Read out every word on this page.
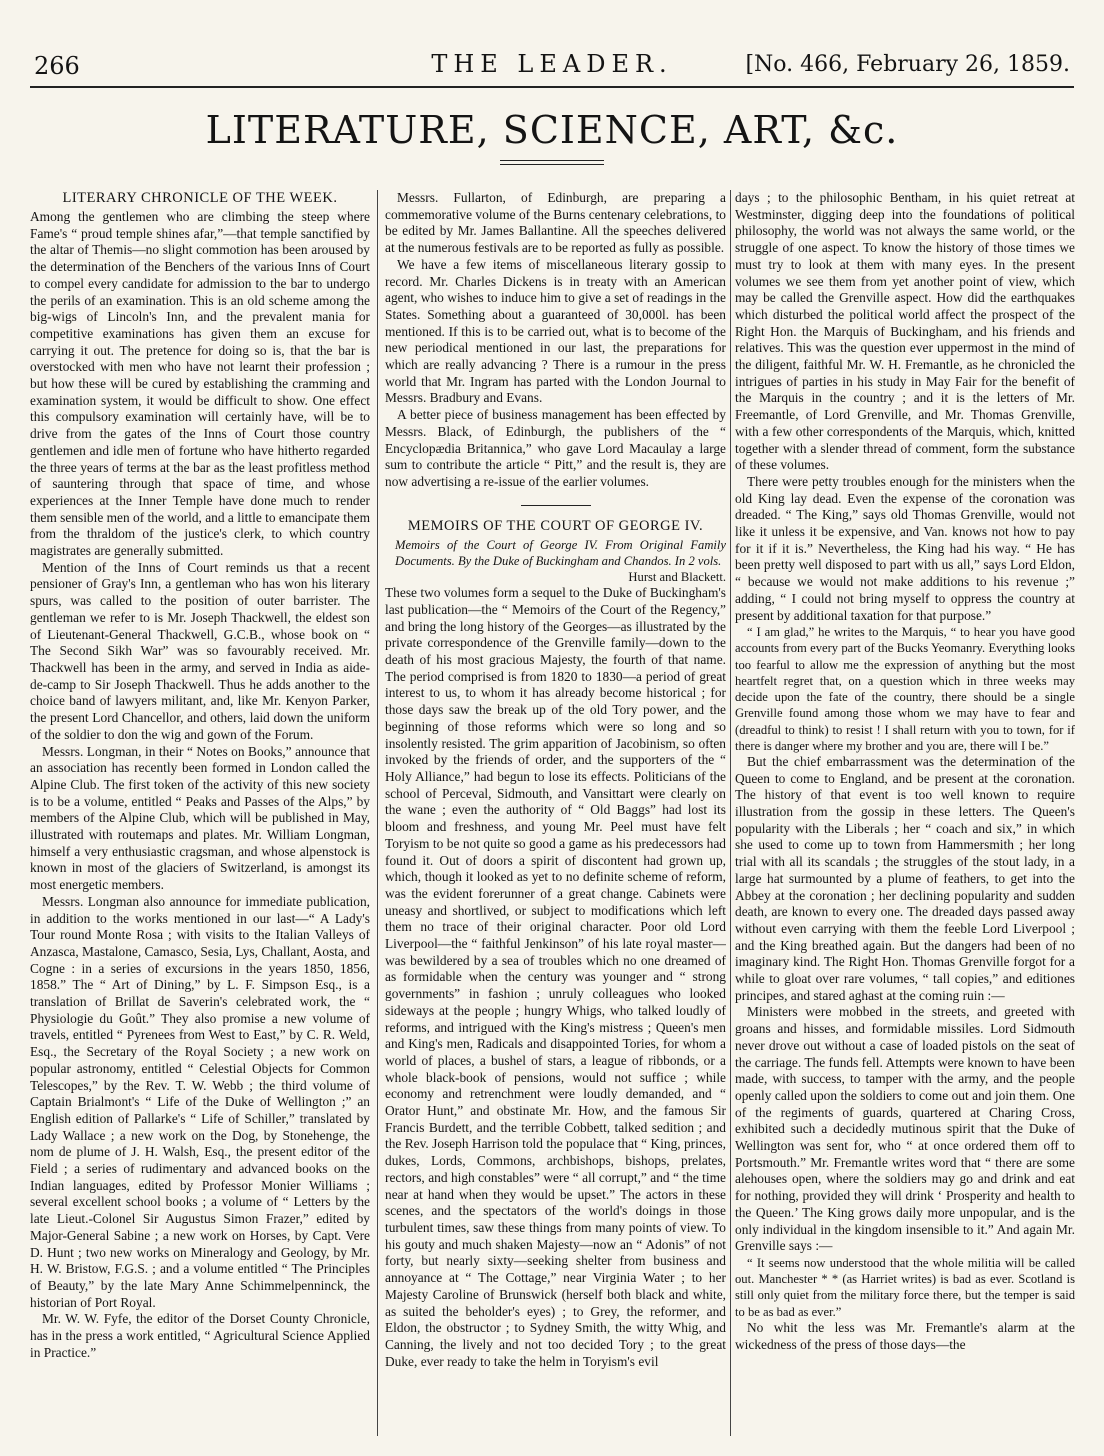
266	THE LEADER.	[No. 466, February 26, 1859.
LITERATURE, SCIENCE, ART, &c.
LITERARY CHRONICLE OF THE WEEK.

Among the gentlemen who are climbing the steep where Fame's “ proud temple shines afar,”—that temple sanctified by the altar of Themis—no slight commotion has been aroused by the determination of the Benchers of the various Inns of Court to compel every candidate for admission to the bar to undergo the perils of an examination. This is an old scheme among the big-wigs of Lincoln's Inn, and the prevalent mania for competitive examinations has given them an excuse for carrying it out. The pretence for doing so is, that the bar is overstocked with men who have not learnt their profession ; but how these will be cured by establishing the cramming and examination system, it would be difficult to show. One effect this compulsory examination will certainly have, will be to drive from the gates of the Inns of Court those country gentlemen and idle men of fortune who have hitherto regarded the three years of terms at the bar as the least profitless method of sauntering through that space of time, and whose experiences at the Inner Temple have done much to render them sensible men of the world, and a little to emancipate them from the thraldom of the justice's clerk, to which country magistrates are generally submitted.

Mention of the Inns of Court reminds us that a recent pensioner of Gray's Inn, a gentleman who has won his literary spurs, was called to the position of outer barrister. The gentleman we refer to is Mr. Joseph Thackwell, the eldest son of Lieutenant-General Thackwell, G.C.B., whose book on “ The Second Sikh War” was so favourably received. Mr. Thackwell has been in the army, and served in India as aide-de-camp to Sir Joseph Thackwell. Thus he adds another to the choice band of lawyers militant, and, like Mr. Kenyon Parker, the present Lord Chancellor, and others, laid down the uniform of the soldier to don the wig and gown of the Forum.

Messrs. Longman, in their “ Notes on Books,” announce that an association has recently been formed in London called the Alpine Club. The first token of the activity of this new society is to be a volume, entitled “ Peaks and Passes of the Alps,” by members of the Alpine Club, which will be published in May, illustrated with routemaps and plates. Mr. William Longman, himself a very enthusiastic cragsman, and whose alpenstock is known in most of the glaciers of Switzerland, is amongst its most energetic members.

Messrs. Longman also announce for immediate publication, in addition to the works mentioned in our last—“ A Lady's Tour round Monte Rosa ; with visits to the Italian Valleys of Anzasca, Mastalone, Camasco, Sesia, Lys, Challant, Aosta, and Cogne : in a series of excursions in the years 1850, 1856, 1858.” The “ Art of Dining,” by L. F. Simpson Esq., is a translation of Brillat de Saverin's celebrated work, the “ Physiologie du Goût.” They also promise a new volume of travels, entitled “ Pyrenees from West to East,” by C. R. Weld, Esq., the Secretary of the Royal Society ; a new work on popular astronomy, entitled “ Celestial Objects for Common Telescopes,” by the Rev. T. W. Webb ; the third volume of Captain Brialmont's “ Life of the Duke of Wellington ;” an English edition of Pallarke's “ Life of Schiller,” translated by Lady Wallace ; a new work on the Dog, by Stonehenge, the nom de plume of J. H. Walsh, Esq., the present editor of the Field ; a series of rudimentary and advanced books on the Indian languages, edited by Professor Monier Williams ; several excellent school books ; a volume of “ Letters by the late Lieut.-Colonel Sir Augustus Simon Frazer,” edited by Major-General Sabine ; a new work on Horses, by Capt. Vere D. Hunt ; two new works on Mineralogy and Geology, by Mr. H. W. Bristow, F.G.S. ; and a volume entitled “ The Principles of Beauty,” by the late Mary Anne Schimmelpenninck, the historian of Port Royal.

Mr. W. W. Fyfe, the editor of the Dorset County Chronicle, has in the press a work entitled, “ Agricultural Science Applied in Practice.”

Messrs. Fullarton, of Edinburgh, are preparing a commemorative volume of the Burns centenary celebrations, to be edited by Mr. James Ballantine. All the speeches delivered at the numerous festivals are to be reported as fully as possible.

We have a few items of miscellaneous literary gossip to record. Mr. Charles Dickens is in treaty with an American agent, who wishes to induce him to give a set of readings in the States. Something about a guaranteed of 30,000l. has been mentioned. If this is to be carried out, what is to become of the new periodical mentioned in our last, the preparations for which are really advancing ? There is a rumour in the press world that Mr. Ingram has parted with the London Journal to Messrs. Bradbury and Evans.

A better piece of business management has been effected by Messrs. Black, of Edinburgh, the publishers of the “ Encyclopædia Britannica,” who gave Lord Macaulay a large sum to contribute the article “ Pitt,” and the result is, they are now advertising a re-issue of the earlier volumes.

MEMOIRS OF THE COURT OF GEORGE IV.

Memoirs of the Court of George IV. From Original Family Documents. By the Duke of Buckingham and Chandos. In 2 vols.

Hurst and Blackett.

These two volumes form a sequel to the Duke of Buckingham's last publication—the “ Memoirs of the Court of the Regency,” and bring the long history of the Georges—as illustrated by the private correspondence of the Grenville family—down to the death of his most gracious Majesty, the fourth of that name. The period comprised is from 1820 to 1830—a period of great interest to us, to whom it has already become historical ; for those days saw the break up of the old Tory power, and the beginning of those reforms which were so long and so insolently resisted. The grim apparition of Jacobinism, so often invoked by the friends of order, and the supporters of the “ Holy Alliance,” had begun to lose its effects. Politicians of the school of Perceval, Sidmouth, and Vansittart were clearly on the wane ; even the authority of “ Old Baggs” had lost its bloom and freshness, and young Mr. Peel must have felt Toryism to be not quite so good a game as his predecessors had found it. Out of doors a spirit of discontent had grown up, which, though it looked as yet to no definite scheme of reform, was the evident forerunner of a great change. Cabinets were uneasy and shortlived, or subject to modifications which left them no trace of their original character. Poor old Lord Liverpool—the “ faithful Jenkinson” of his late royal master—was bewildered by a sea of troubles which no one dreamed of as formidable when the century was younger and “ strong governments” in fashion ; unruly colleagues who looked sideways at the people ; hungry Whigs, who talked loudly of reforms, and intrigued with the King's mistress ; Queen's men and King's men, Radicals and disappointed Tories, for whom a world of places, a bushel of stars, a league of ribbonds, or a whole black-book of pensions, would not suffice ; while economy and retrenchment were loudly demanded, and “ Orator Hunt,” and obstinate Mr. How, and the famous Sir Francis Burdett, and the terrible Cobbett, talked sedition ; and the Rev. Joseph Harrison told the populace that “ King, princes, dukes, Lords, Commons, archbishops, bishops, prelates, rectors, and high constables” were “ all corrupt,” and “ the time near at hand when they would be upset.” The actors in these scenes, and the spectators of the world's doings in those turbulent times, saw these things from many points of view. To his gouty and much shaken Majesty—now an “ Adonis” of not forty, but nearly sixty—seeking shelter from business and annoyance at “ The Cottage,” near Virginia Water ; to her Majesty Caroline of Brunswick (herself both black and white, as suited the beholder's eyes) ; to Grey, the reformer, and Eldon, the obstructor ; to Sydney Smith, the witty Whig, and Canning, the lively and not too decided Tory ; to the great Duke, ever ready to take the helm in Toryism's evil

days ; to the philosophic Bentham, in his quiet retreat at Westminster, digging deep into the foundations of political philosophy, the world was not always the same world, or the struggle of one aspect. To know the history of those times we must try to look at them with many eyes. In the present volumes we see them from yet another point of view, which may be called the Grenville aspect. How did the earthquakes which disturbed the political world affect the prospect of the Right Hon. the Marquis of Buckingham, and his friends and relatives. This was the question ever uppermost in the mind of the diligent, faithful Mr. W. H. Fremantle, as he chronicled the intrigues of parties in his study in May Fair for the benefit of the Marquis in the country ; and it is the letters of Mr. Freemantle, of Lord Grenville, and Mr. Thomas Grenville, with a few other correspondents of the Marquis, which, knitted together with a slender thread of comment, form the substance of these volumes.

There were petty troubles enough for the ministers when the old King lay dead. Even the expense of the coronation was dreaded. “ The King,” says old Thomas Grenville, would not like it unless it be expensive, and Van. knows not how to pay for it if it is.” Nevertheless, the King had his way. “ He has been pretty well disposed to part with us all,” says Lord Eldon, “ because we would not make additions to his revenue ;” adding, “ I could not bring myself to oppress the country at present by additional taxation for that purpose.”

“ I am glad,” he writes to the Marquis, “ to hear you have good accounts from every part of the Bucks Yeomanry. Everything looks too fearful to allow me the expression of anything but the most heartfelt regret that, on a question which in three weeks may decide upon the fate of the country, there should be a single Grenville found among those whom we may have to fear and (dreadful to think) to resist ! I shall return with you to town, for if there is danger where my brother and you are, there will I be.”

But the chief embarrassment was the determination of the Queen to come to England, and be present at the coronation. The history of that event is too well known to require illustration from the gossip in these letters. The Queen's popularity with the Liberals ; her “ coach and six,” in which she used to come up to town from Hammersmith ; her long trial with all its scandals ; the struggles of the stout lady, in a large hat surmounted by a plume of feathers, to get into the Abbey at the coronation ; her declining popularity and sudden death, are known to every one. The dreaded days passed away without even carrying with them the feeble Lord Liverpool ; and the King breathed again. But the dangers had been of no imaginary kind. The Right Hon. Thomas Grenville forgot for a while to gloat over rare volumes, “ tall copies,” and editiones principes, and stared aghast at the coming ruin :—

Ministers were mobbed in the streets, and greeted with groans and hisses, and formidable missiles. Lord Sidmouth never drove out without a case of loaded pistols on the seat of the carriage. The funds fell. Attempts were known to have been made, with success, to tamper with the army, and the people openly called upon the soldiers to come out and join them. One of the regiments of guards, quartered at Charing Cross, exhibited such a decidedly mutinous spirit that the Duke of Wellington was sent for, who “ at once ordered them off to Portsmouth.” Mr. Fremantle writes word that “ there are some alehouses open, where the soldiers may go and drink and eat for nothing, provided they will drink ‘ Prosperity and health to the Queen.’ The King grows daily more unpopular, and is the only individual in the kingdom insensible to it.” And again Mr. Grenville says :—

“ It seems now understood that the whole militia will be called out. Manchester * * (as Harriet writes) is bad as ever. Scotland is still only quiet from the military force there, but the temper is said to be as bad as ever.”

No whit the less was Mr. Fremantle's alarm at the wickedness of the press of those days—the
